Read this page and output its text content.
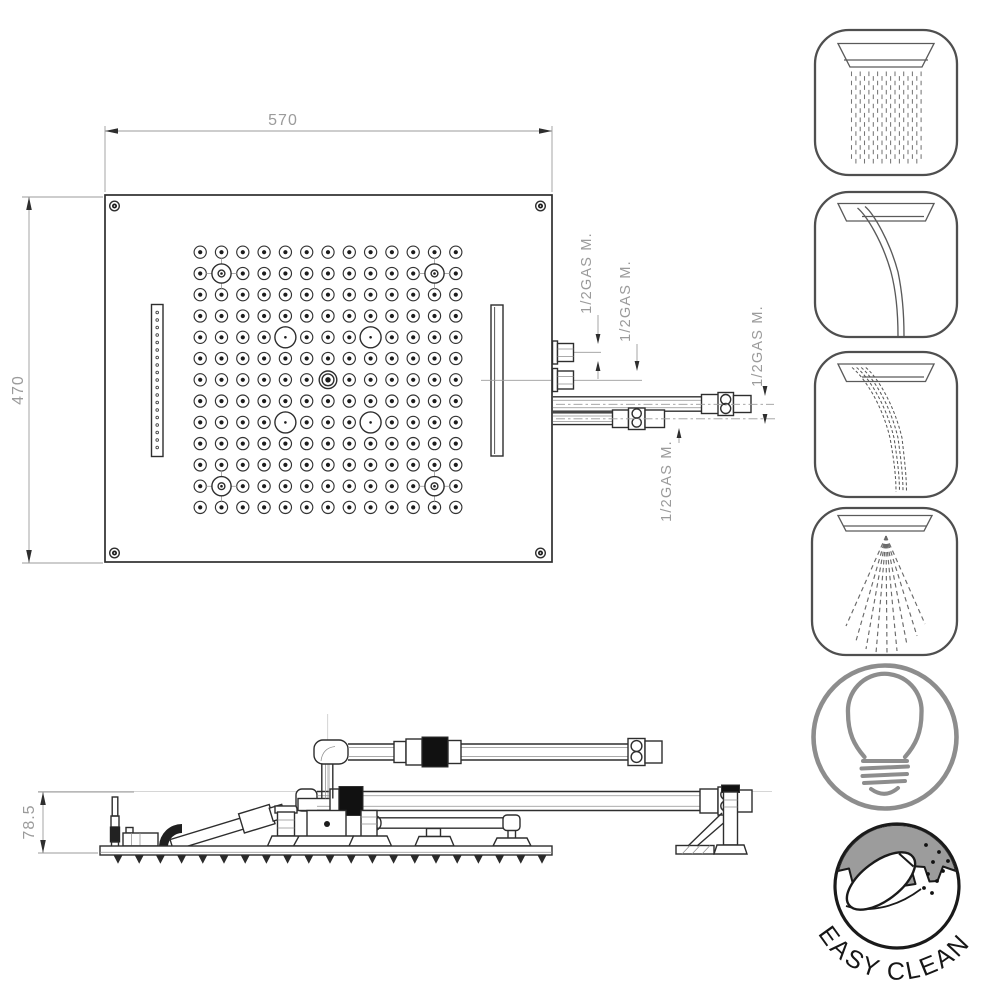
570
470
1/2GAS M. 1/2GAS M.
1/2GAS M.
1/2GAS M.
78.5
EASY CLEAN
